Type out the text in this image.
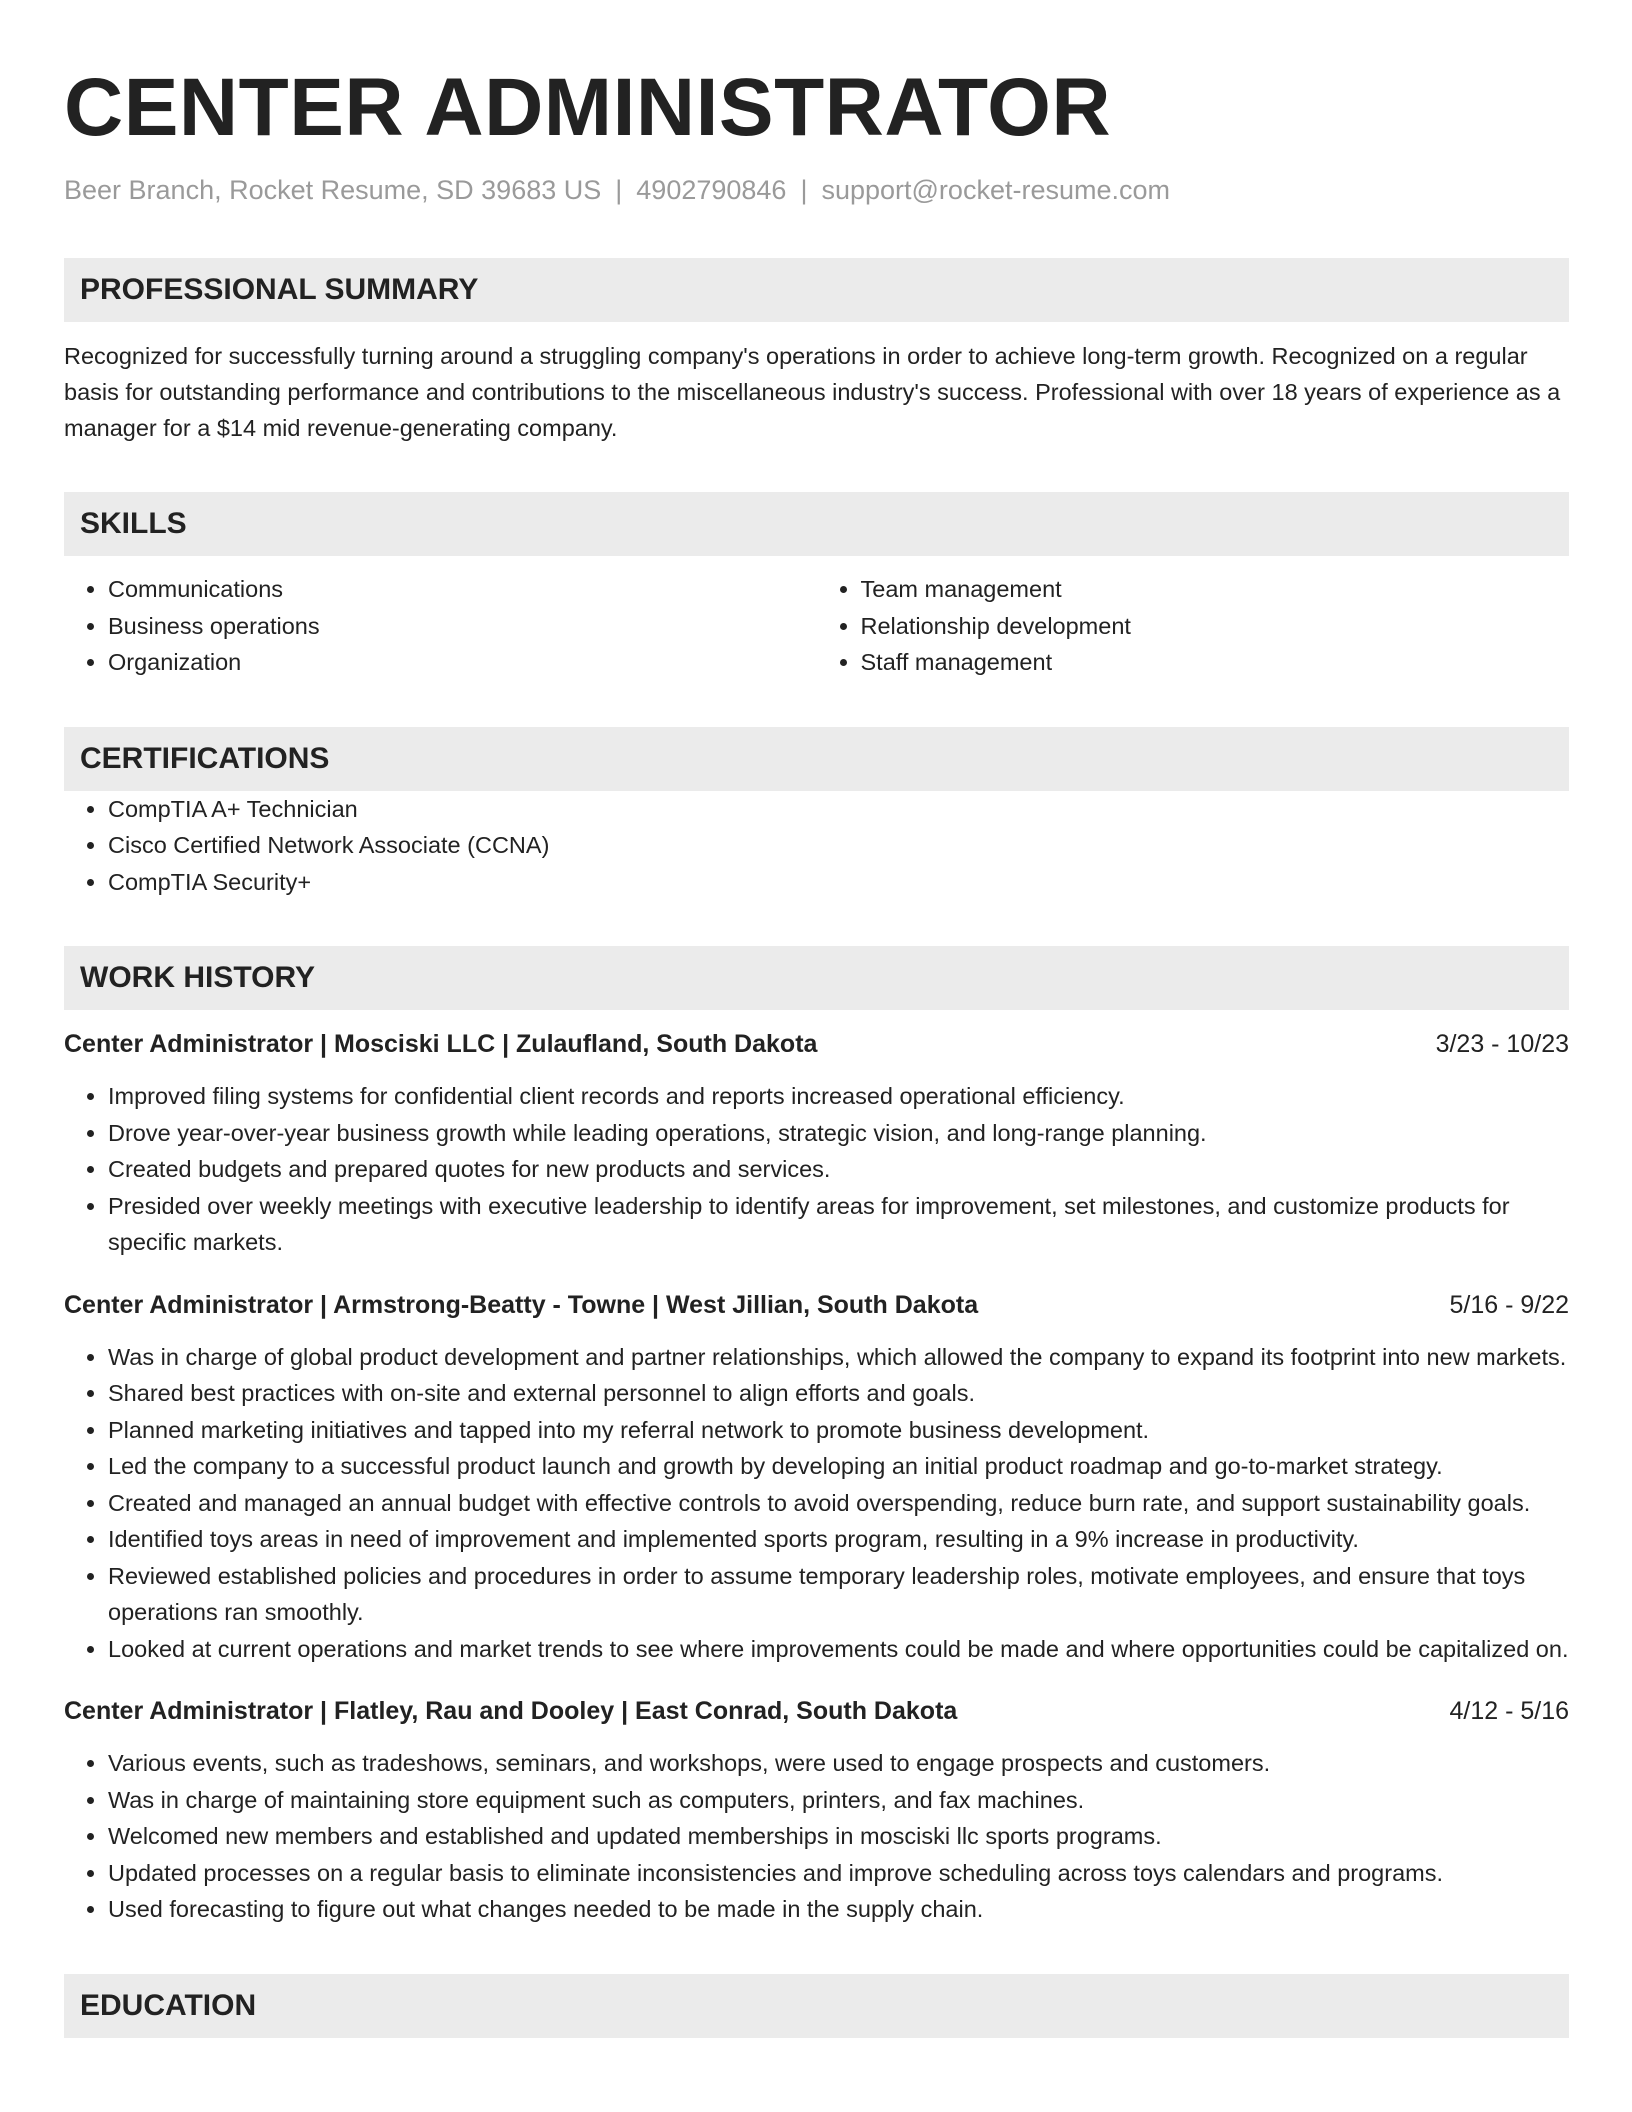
CENTER ADMINISTRATOR
Beer Branch, Rocket Resume, SD 39683 US | 4902790846 | support@rocket-resume.com
PROFESSIONAL SUMMARY
Recognized for successfully turning around a struggling company's operations in order to achieve long-term growth. Recognized on a regular basis for outstanding performance and contributions to the miscellaneous industry's success. Professional with over 18 years of experience as a manager for a $14 mid revenue-generating company.
SKILLS
• Communications
• Business operations
• Organization
• Team management
• Relationship development
• Staff management
CERTIFICATIONS
• CompTIA A+ Technician
• Cisco Certified Network Associate (CCNA)
• CompTIA Security+
WORK HISTORY
Center Administrator | Mosciski LLC | Zulaufland, South Dakota	3/23 - 10/23
• Improved filing systems for confidential client records and reports increased operational efficiency.
• Drove year-over-year business growth while leading operations, strategic vision, and long-range planning.
• Created budgets and prepared quotes for new products and services.
• Presided over weekly meetings with executive leadership to identify areas for improvement, set milestones, and customize products for specific markets.
Center Administrator | Armstrong-Beatty - Towne | West Jillian, South Dakota	5/16 - 9/22
• Was in charge of global product development and partner relationships, which allowed the company to expand its footprint into new markets.
• Shared best practices with on-site and external personnel to align efforts and goals.
• Planned marketing initiatives and tapped into my referral network to promote business development.
• Led the company to a successful product launch and growth by developing an initial product roadmap and go-to-market strategy.
• Created and managed an annual budget with effective controls to avoid overspending, reduce burn rate, and support sustainability goals.
• Identified toys areas in need of improvement and implemented sports program, resulting in a 9% increase in productivity.
• Reviewed established policies and procedures in order to assume temporary leadership roles, motivate employees, and ensure that toys operations ran smoothly.
• Looked at current operations and market trends to see where improvements could be made and where opportunities could be capitalized on.
Center Administrator | Flatley, Rau and Dooley | East Conrad, South Dakota	4/12 - 5/16
• Various events, such as tradeshows, seminars, and workshops, were used to engage prospects and customers.
• Was in charge of maintaining store equipment such as computers, printers, and fax machines.
• Welcomed new members and established and updated memberships in mosciski llc sports programs.
• Updated processes on a regular basis to eliminate inconsistencies and improve scheduling across toys calendars and programs.
• Used forecasting to figure out what changes needed to be made in the supply chain.
EDUCATION
